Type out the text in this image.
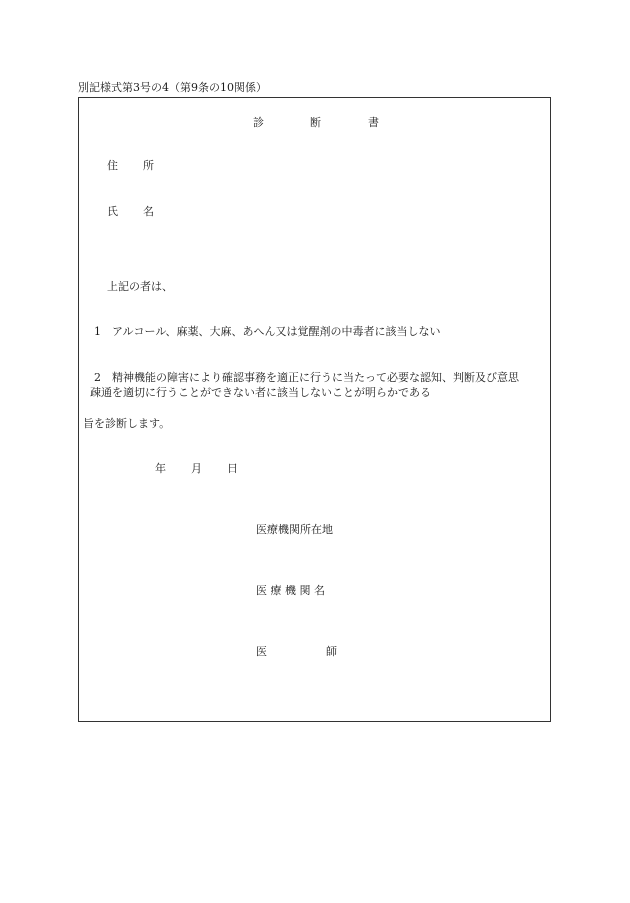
別記様式第3号の4（第9条の10関係）
診	断	書
住 所
氏 名
上記の者は、
1　アルコール、麻薬、大麻、あへん又は覚醒剤の中毒者に該当しない
2　精神機能の障害により確認事務を適正に行うに当たって必要な認知、判断及び意思
疎通を適切に行うことができない者に該当しないことが明らかである
旨を診断します。
年 月 日
医療機関所在地
医 療 機 関 名
医	師
